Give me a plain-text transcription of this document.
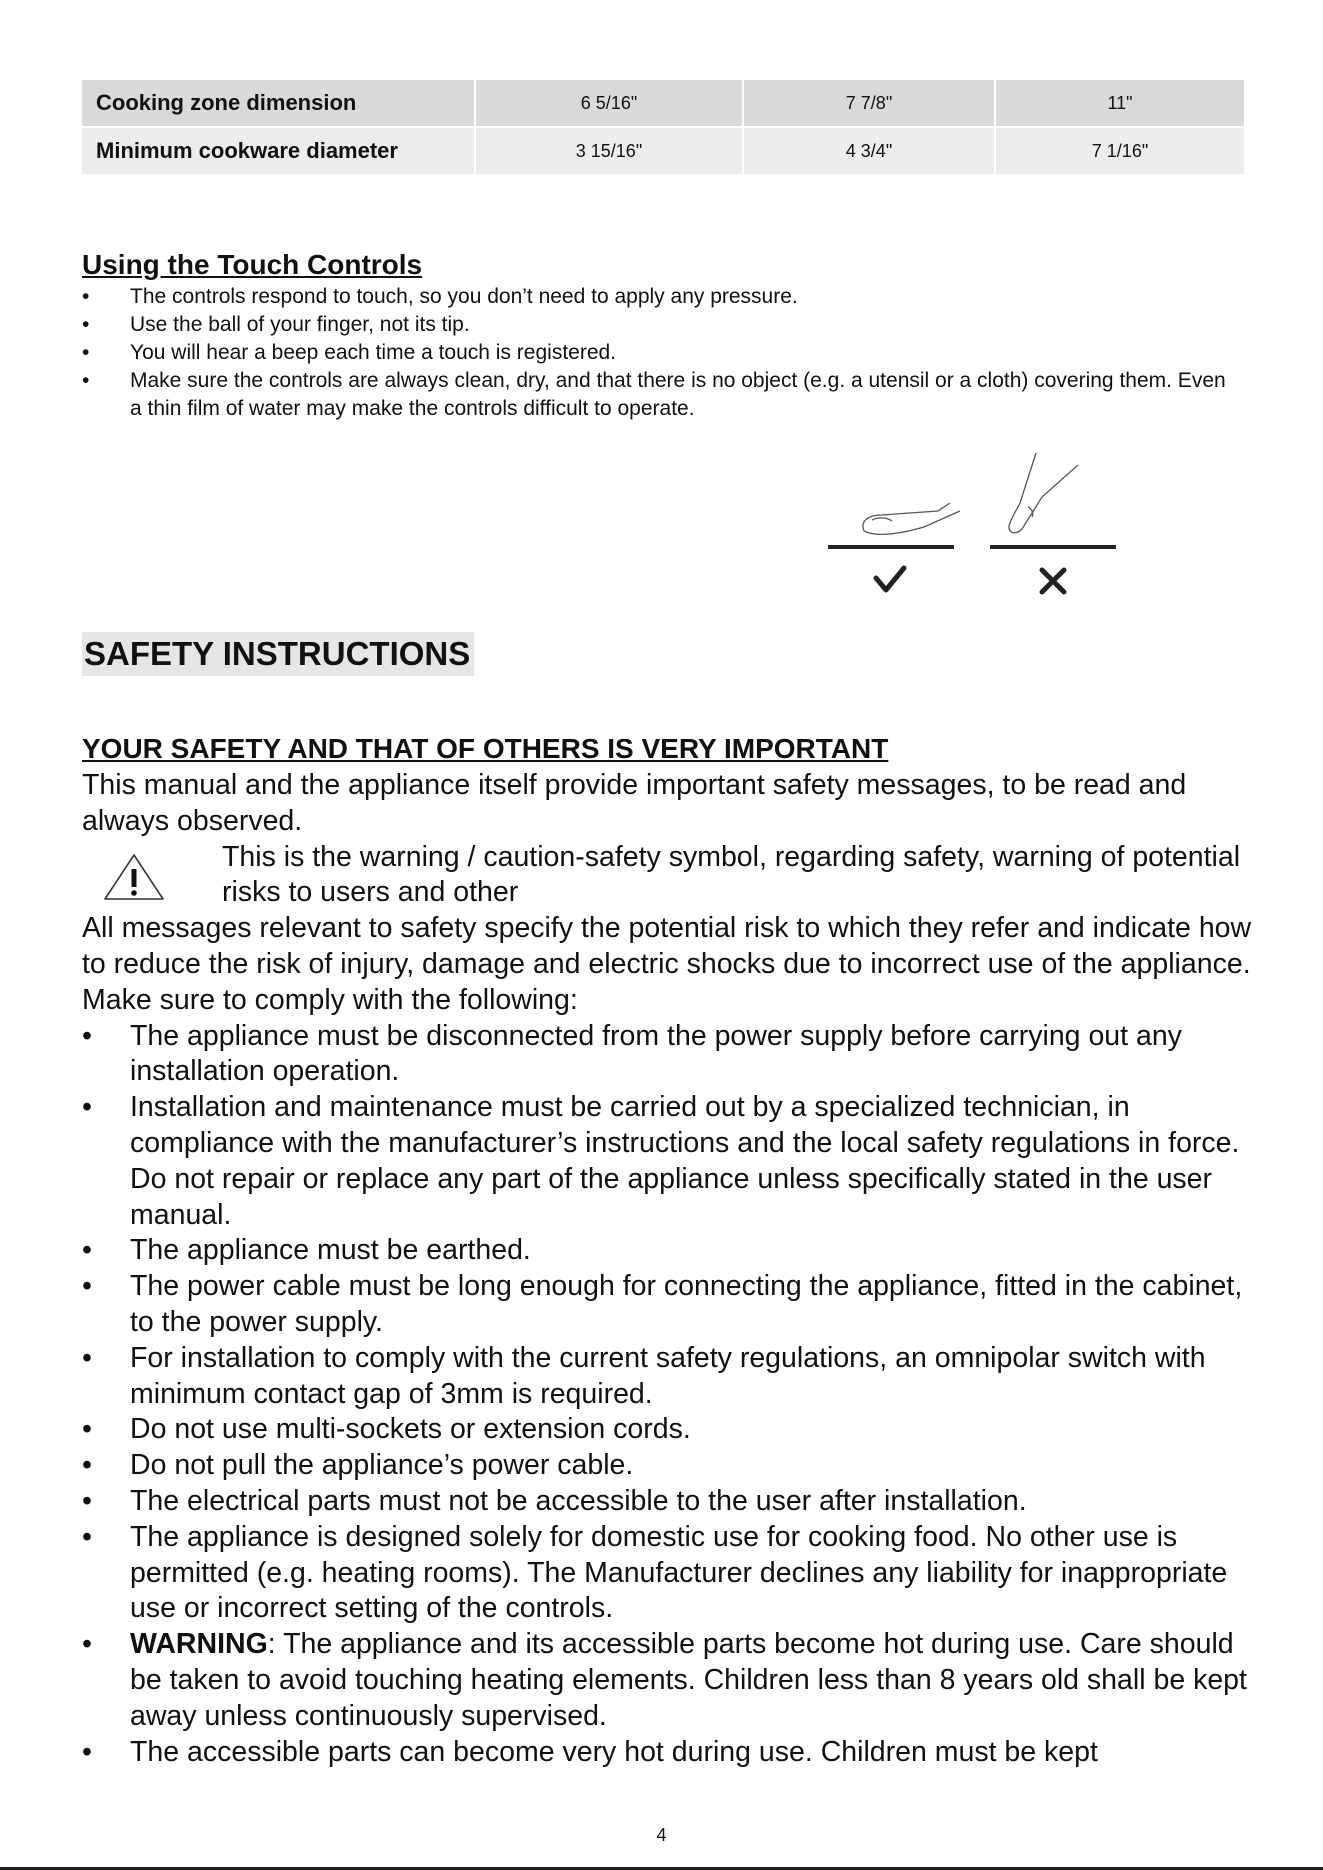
Cooking zone dimension	6 5/16"	7 7/8"	11"
Minimum cookware diameter	3 15/16"	4 3/4"	7 1/16"
Using the Touch Controls
• The controls respond to touch, so you don’t need to apply any pressure.
• Use the ball of your finger, not its tip.
• You will hear a beep each time a touch is registered.
• Make sure the controls are always clean, dry, and that there is no object (e.g. a utensil or a cloth) covering them. Even a thin film of water may make the controls difficult to operate.
SAFETY INSTRUCTIONS
YOUR SAFETY AND THAT OF OTHERS IS VERY IMPORTANT

This manual and the appliance itself provide important safety messages, to be read and always observed.

This is the warning / caution-safety symbol, regarding safety, warning of potential risks to users and other

All messages relevant to safety specify the potential risk to which they refer and indicate how to reduce the risk of injury, damage and electric shocks due to incorrect use of the appliance. Make sure to comply with the following:

• The appliance must be disconnected from the power supply before carrying out any installation operation.
• Installation and maintenance must be carried out by a specialized technician, in compliance with the manufacturer’s instructions and the local safety regulations in force. Do not repair or replace any part of the appliance unless specifically stated in the user manual.
• The appliance must be earthed.
• The power cable must be long enough for connecting the appliance, fitted in the cabinet, to the power supply.
• For installation to comply with the current safety regulations, an omnipolar switch with minimum contact gap of 3mm is required.
• Do not use multi-sockets or extension cords.
• Do not pull the appliance’s power cable.
• The electrical parts must not be accessible to the user after installation.
• The appliance is designed solely for domestic use for cooking food. No other use is permitted (e.g. heating rooms). The Manufacturer declines any liability for inappropriate use or incorrect setting of the controls.
• WARNING: The appliance and its accessible parts become hot during use. Care should be taken to avoid touching heating elements. Children less than 8 years old shall be kept away unless continuously supervised.
• The accessible parts can become very hot during use. Children must be kept
4
